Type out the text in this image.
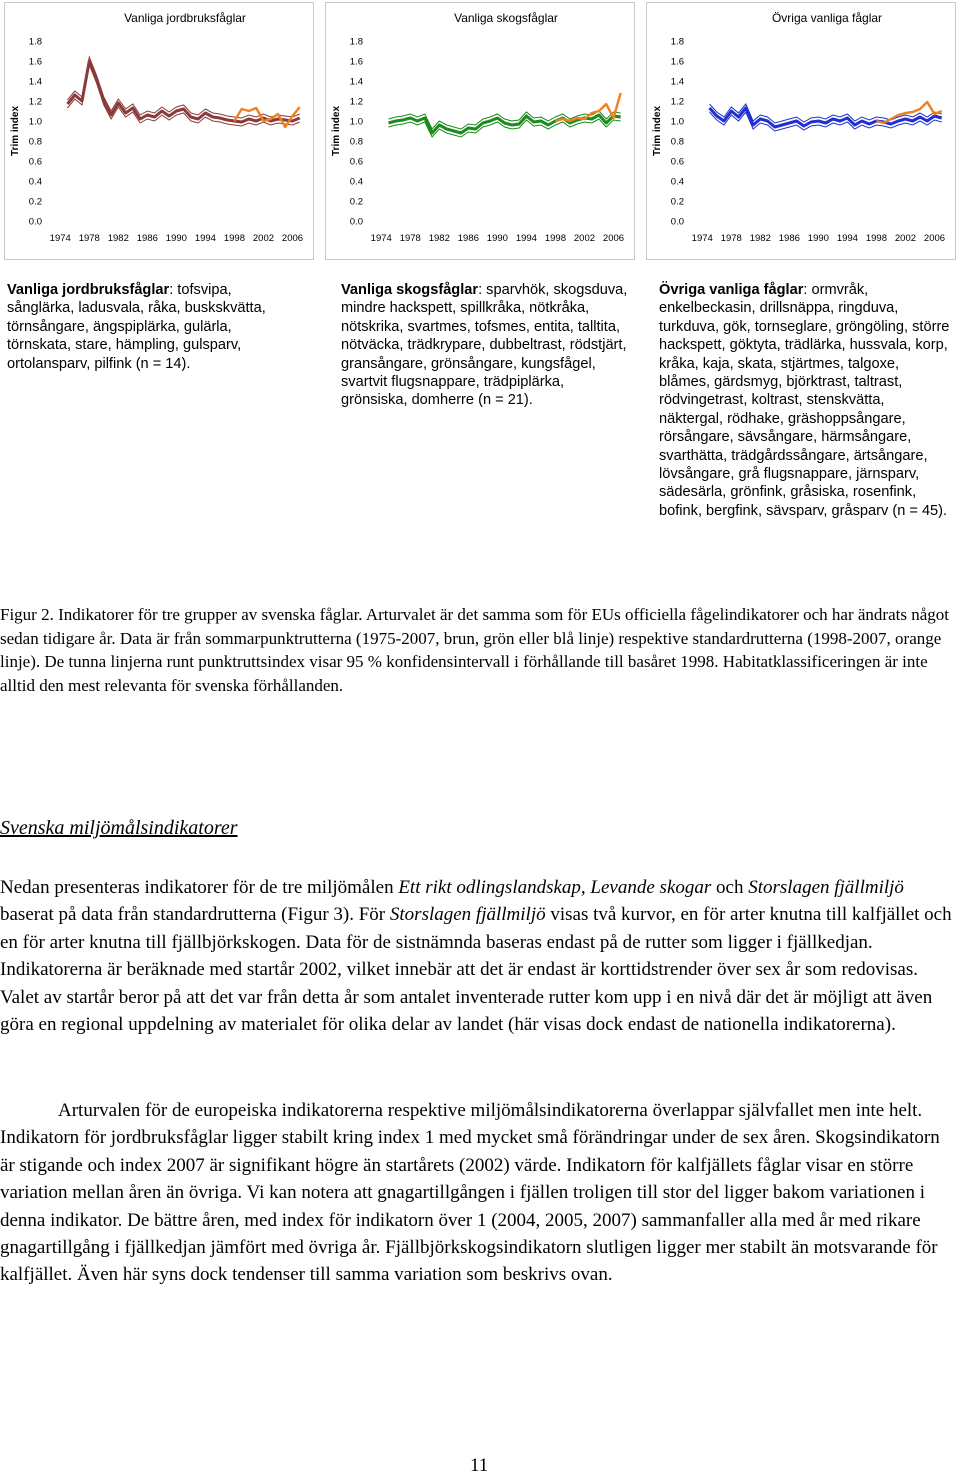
Vanliga jordbruksfåglar
Trim index
0.0
0.2
0.4
0.6
0.8
1.0
1.2
1.4
1.6
1.8
1974 1978 1982 1986 1990 1994 1998 2002 2006
Vanliga skogsfåglar
Trim index
0.0
0.2
0.4
0.6
0.8
1.0
1.2
1.4
1.6
1.8
1974 1978 1982 1986 1990 1994 1998 2002 2006
Övriga vanliga fåglar
Trim index
0.0
0.2
0.4
0.6
0.8
1.0
1.2
1.4
1.6
1.8
1974 1978 1982 1986 1990 1994 1998 2002 2006

Vanliga jordbruksfåglar: tofsvipa, sånglärka, ladusvala, råka, buskskvätta, törnsångare, ängspiplärka, gulärla, törnskata, stare, hämpling, gulsparv, ortolansparv, pilfink (n = 14).

Vanliga skogsfåglar: sparvhök, skogsduva, mindre hackspett, spillkråka, nötkråka, nötskrika, svartmes, tofsmes, entita, talltita, nötväcka, trädkrypare, dubbeltrast, rödstjärt, gransångare, grönsångare, kungsfågel, svartvit flugsnappare, trädpiplärka, grönsiska, domherre (n = 21).

Övriga vanliga fåglar: ormvråk, enkelbeckasin, drillsnäppa, ringduva, turkduva, gök, tornseglare, gröngöling, större hackspett, göktyta, trädlärka, hussvala, korp, kråka, kaja, skata, stjärtmes, talgoxe, blåmes, gärdsmyg, björktrast, taltrast, rödvingetrast, koltrast, stenskvätta, näktergal, rödhake, gräshoppsångare, rörsångare, sävsångare, härmsångare, svarthätta, trädgårdssångare, ärtsångare, lövsångare, grå flugsnappare, järnsparv, sädesärla, grönfink, gråsiska, rosenfink, bofink, bergfink, sävsparv, gråsparv (n = 45).

Figur 2. Indikatorer för tre grupper av svenska fåglar. Arturvalet är det samma som för EUs officiella fågelindikatorer och har ändrats något sedan tidigare år. Data är från sommarpunktrutterna (1975-2007, brun, grön eller blå linje) respektive standardrutterna (1998-2007, orange linje). De tunna linjerna runt punktruttsindex visar 95 % konfidensintervall i förhållande till basåret 1998. Habitatklassificeringen är inte alltid den mest relevanta för svenska förhållanden.

Svenska miljömålsindikatorer

Nedan presenteras indikatorer för de tre miljömålen Ett rikt odlingslandskap, Levande skogar och Storslagen fjällmiljö baserat på data från standardrutterna (Figur 3). För Storslagen fjällmiljö visas två kurvor, en för arter knutna till kalfjället och en för arter knutna till fjällbjörkskogen. Data för de sistnämnda baseras endast på de rutter som ligger i fjällkedjan. Indikatorerna är beräknade med startår 2002, vilket innebär att det är endast är korttidstrender över sex år som redovisas. Valet av startår beror på att det var från detta år som antalet inventerade rutter kom upp i en nivå där det är möjligt att även göra en regional uppdelning av materialet för olika delar av landet (här visas dock endast de nationella indikatorerna).

Arturvalen för de europeiska indikatorerna respektive miljömålsindikatorerna överlappar självfallet men inte helt. Indikatorn för jordbruksfåglar ligger stabilt kring index 1 med mycket små förändringar under de sex åren. Skogsindikatorn är stigande och index 2007 är signifikant högre än startårets (2002) värde. Indikatorn för kalfjällets fåglar visar en större variation mellan åren än övriga. Vi kan notera att gnagartillgången i fjällen troligen till stor del ligger bakom variationen i denna indikator. De bättre åren, med index för indikatorn över 1 (2004, 2005, 2007) sammanfaller alla med år med rikare gnagartillgång i fjällkedjan jämfört med övriga år. Fjällbjörkskogsindikatorn slutligen ligger mer stabilt än motsvarande för kalfjället. Även här syns dock tendenser till samma variation som beskrivs ovan.

11
